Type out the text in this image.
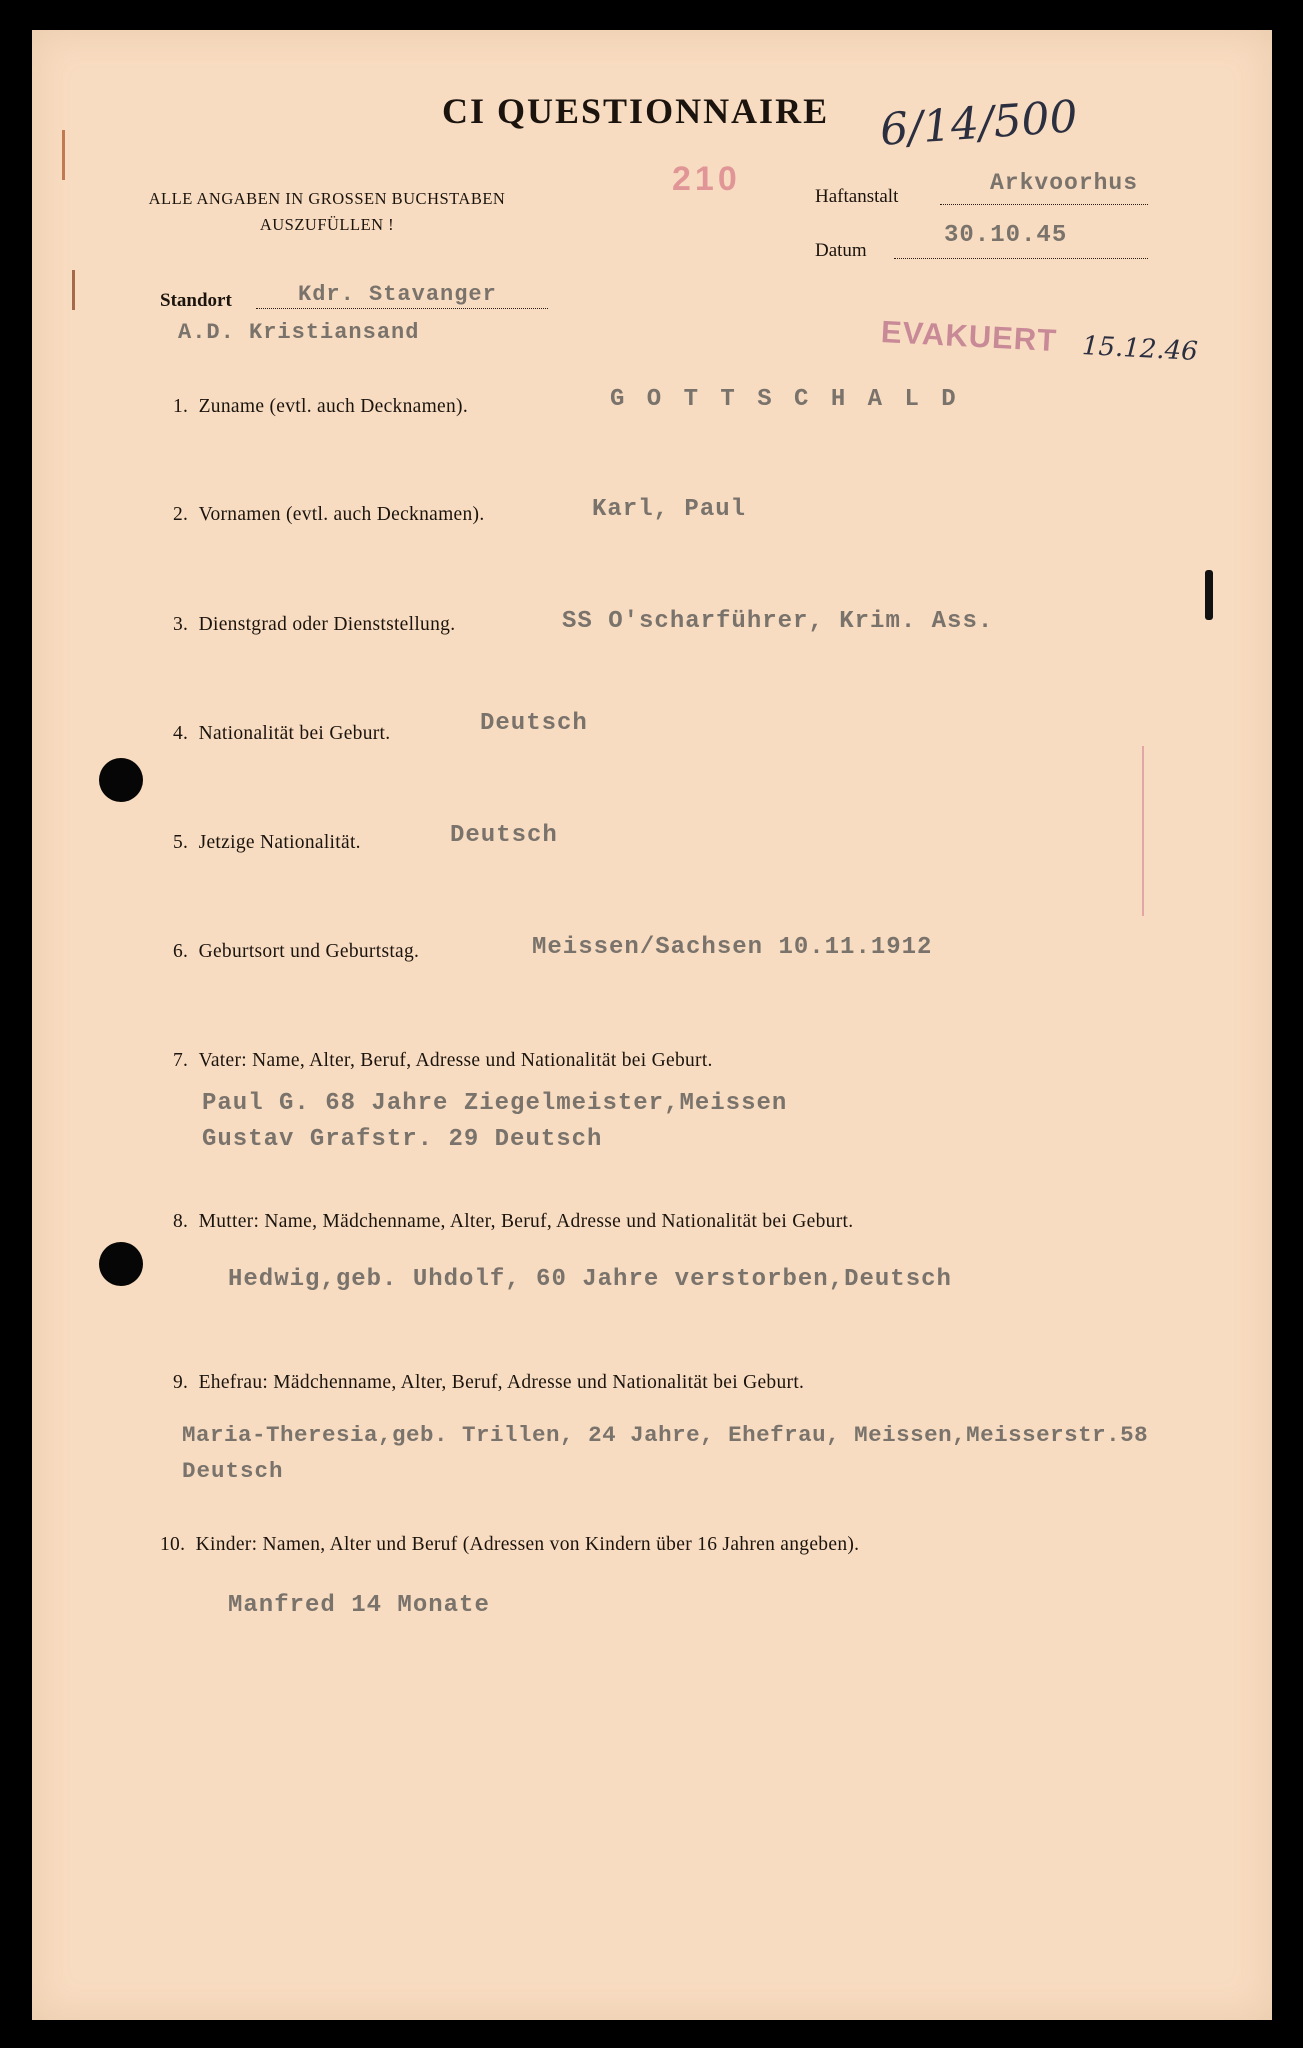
CI QUESTIONNAIRE 6/14/500
210
ALLE ANGABEN IN GROSSEN BUCHSTABEN
AUSZUFÜLLEN !
Haftanstalt
Arkvoorhus
Datum
30.10.45
Standort	Kdr. Stavanger
A.D. Kristiansand	EVAKUERT 15.12.46
1. Zuname (evtl. auch Decknamen).	G O T T S C H A L D
2. Vornamen (evtl. auch Decknamen).	Karl, Paul
3. Dienstgrad oder Dienststellung.	SS O'scharführer, Krim. Ass.
4. Nationalität bei Geburt.	Deutsch
5. Jetzige Nationalität.	Deutsch
6. Geburtsort und Geburtstag.	Meissen/Sachsen 10.11.1912
7. Vater: Name, Alter, Beruf, Adresse und Nationalität bei Geburt.
Paul G. 68 Jahre Ziegelmeister,Meissen
Gustav Grafstr. 29 Deutsch
8. Mutter: Name, Mädchenname, Alter, Beruf, Adresse und Nationalität bei Geburt.
Hedwig,geb. Uhdolf, 60 Jahre verstorben,Deutsch
9. Ehefrau: Mädchenname, Alter, Beruf, Adresse und Nationalität bei Geburt.
Maria-Theresia,geb. Trillen, 24 Jahre, Ehefrau, Meissen,Meisserstr.58
Deutsch
10. Kinder: Namen, Alter und Beruf (Adressen von Kindern über 16 Jahren angeben).
Manfred 14 Monate
